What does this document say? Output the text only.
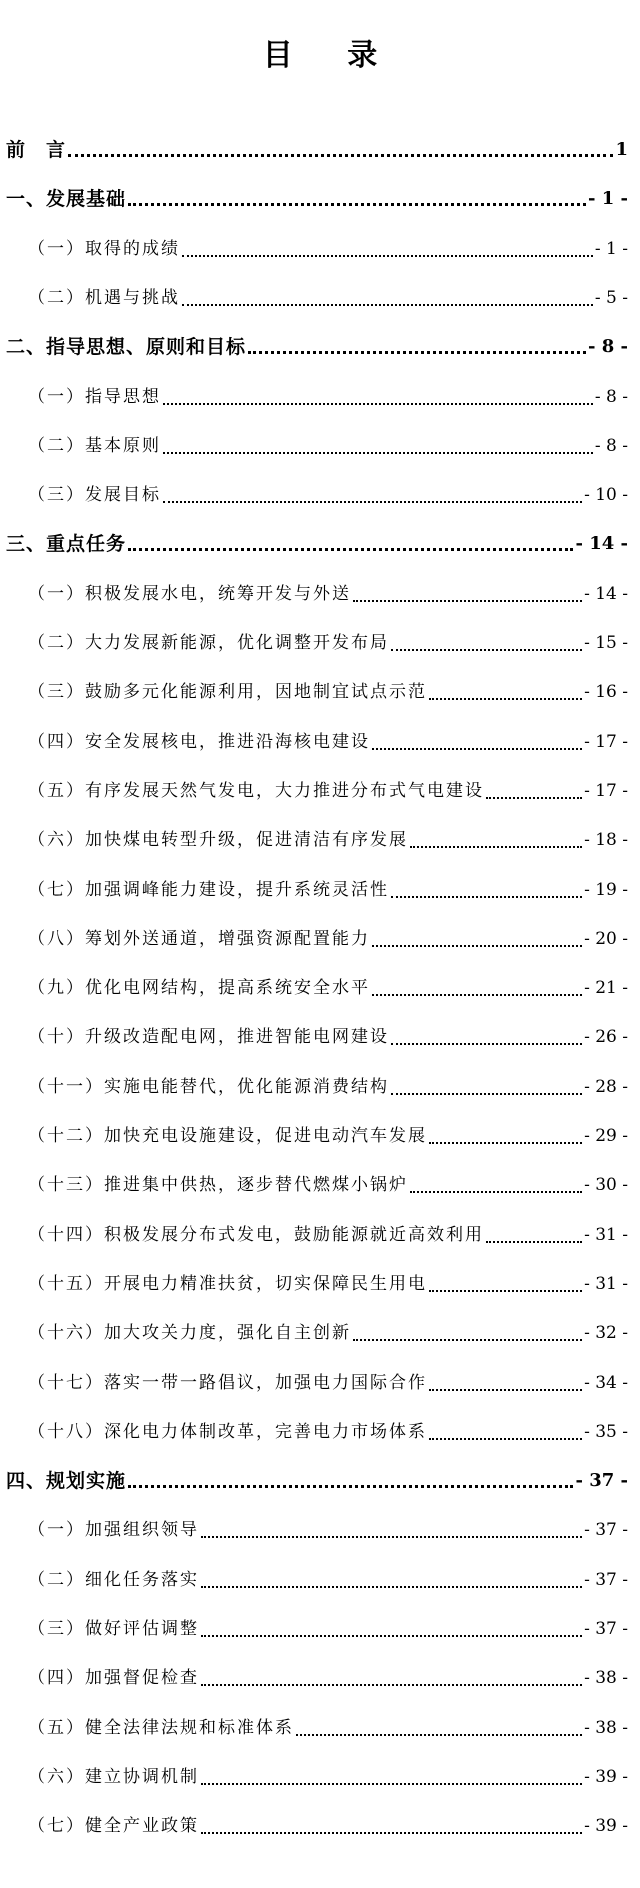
目 录
前　言	1
一、发展基础	- 1 -
（一）取得的成绩	- 1 -
（二）机遇与挑战	- 5 -
二、指导思想、原则和目标	- 8 -
（一）指导思想	- 8 -
（二）基本原则	- 8 -
（三）发展目标	- 10 -
三、重点任务	- 14 -
（一）积极发展水电，统筹开发与外送	- 14 -
（二）大力发展新能源，优化调整开发布局	- 15 -
（三）鼓励多元化能源利用，因地制宜试点示范	- 16 -
（四）安全发展核电，推进沿海核电建设	- 17 -
（五）有序发展天然气发电，大力推进分布式气电建设	- 17 -
（六）加快煤电转型升级，促进清洁有序发展	- 18 -
（七）加强调峰能力建设，提升系统灵活性	- 19 -
（八）筹划外送通道，增强资源配置能力	- 20 -
（九）优化电网结构，提高系统安全水平	- 21 -
（十）升级改造配电网，推进智能电网建设	- 26 -
（十一）实施电能替代，优化能源消费结构	- 28 -
（十二）加快充电设施建设，促进电动汽车发展	- 29 -
（十三）推进集中供热，逐步替代燃煤小锅炉	- 30 -
（十四）积极发展分布式发电，鼓励能源就近高效利用	- 31 -
（十五）开展电力精准扶贫，切实保障民生用电	- 31 -
（十六）加大攻关力度，强化自主创新	- 32 -
（十七）落实一带一路倡议，加强电力国际合作	- 34 -
（十八）深化电力体制改革，完善电力市场体系	- 35 -
四、规划实施	- 37 -
（一）加强组织领导	- 37 -
（二）细化任务落实	- 37 -
（三）做好评估调整	- 37 -
（四）加强督促检查	- 38 -
（五）健全法律法规和标准体系	- 38 -
（六）建立协调机制	- 39 -
（七）健全产业政策	- 39 -
